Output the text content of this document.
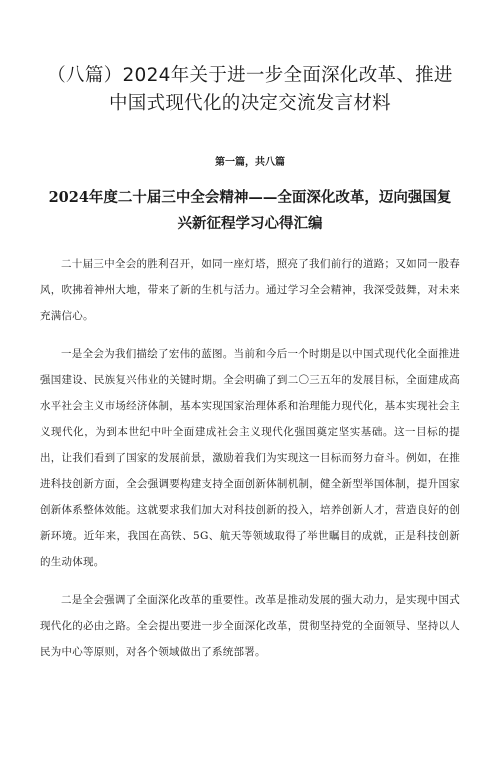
（八篇）2024年关于进一步全面深化改革、推进中国式现代化的决定交流发言材料
第一篇，共八篇
2024年度二十届三中全会精神——全面深化改革，迈向强国复兴新征程学习心得汇编

二十届三中全会的胜利召开，如同一座灯塔，照亮了我们前行的道路；又如同一股春风，吹拂着神州大地，带来了新的生机与活力。通过学习全会精神，我深受鼓舞，对未来充满信心。

一是全会为我们描绘了宏伟的蓝图。当前和今后一个时期是以中国式现代化全面推进强国建设、民族复兴伟业的关键时期。全会明确了到二〇三五年的发展目标，全面建成高水平社会主义市场经济体制，基本实现国家治理体系和治理能力现代化，基本实现社会主义现代化，为到本世纪中叶全面建成社会主义现代化强国奠定坚实基础。这一目标的提出，让我们看到了国家的发展前景，激励着我们为实现这一目标而努力奋斗。例如，在推进科技创新方面，全会强调要构建支持全面创新体制机制，健全新型举国体制，提升国家创新体系整体效能。这就要求我们加大对科技创新的投入，培养创新人才，营造良好的创新环境。近年来，我国在高铁、5G、航天等领域取得了举世瞩目的成就，正是科技创新的生动体现。

二是全会强调了全面深化改革的重要性。改革是推动发展的强大动力，是实现中国式现代化的必由之路。全会提出要进一步全面深化改革，贯彻坚持党的全面领导、坚持以人民为中心等原则，对各个领域做出了系统部署。
